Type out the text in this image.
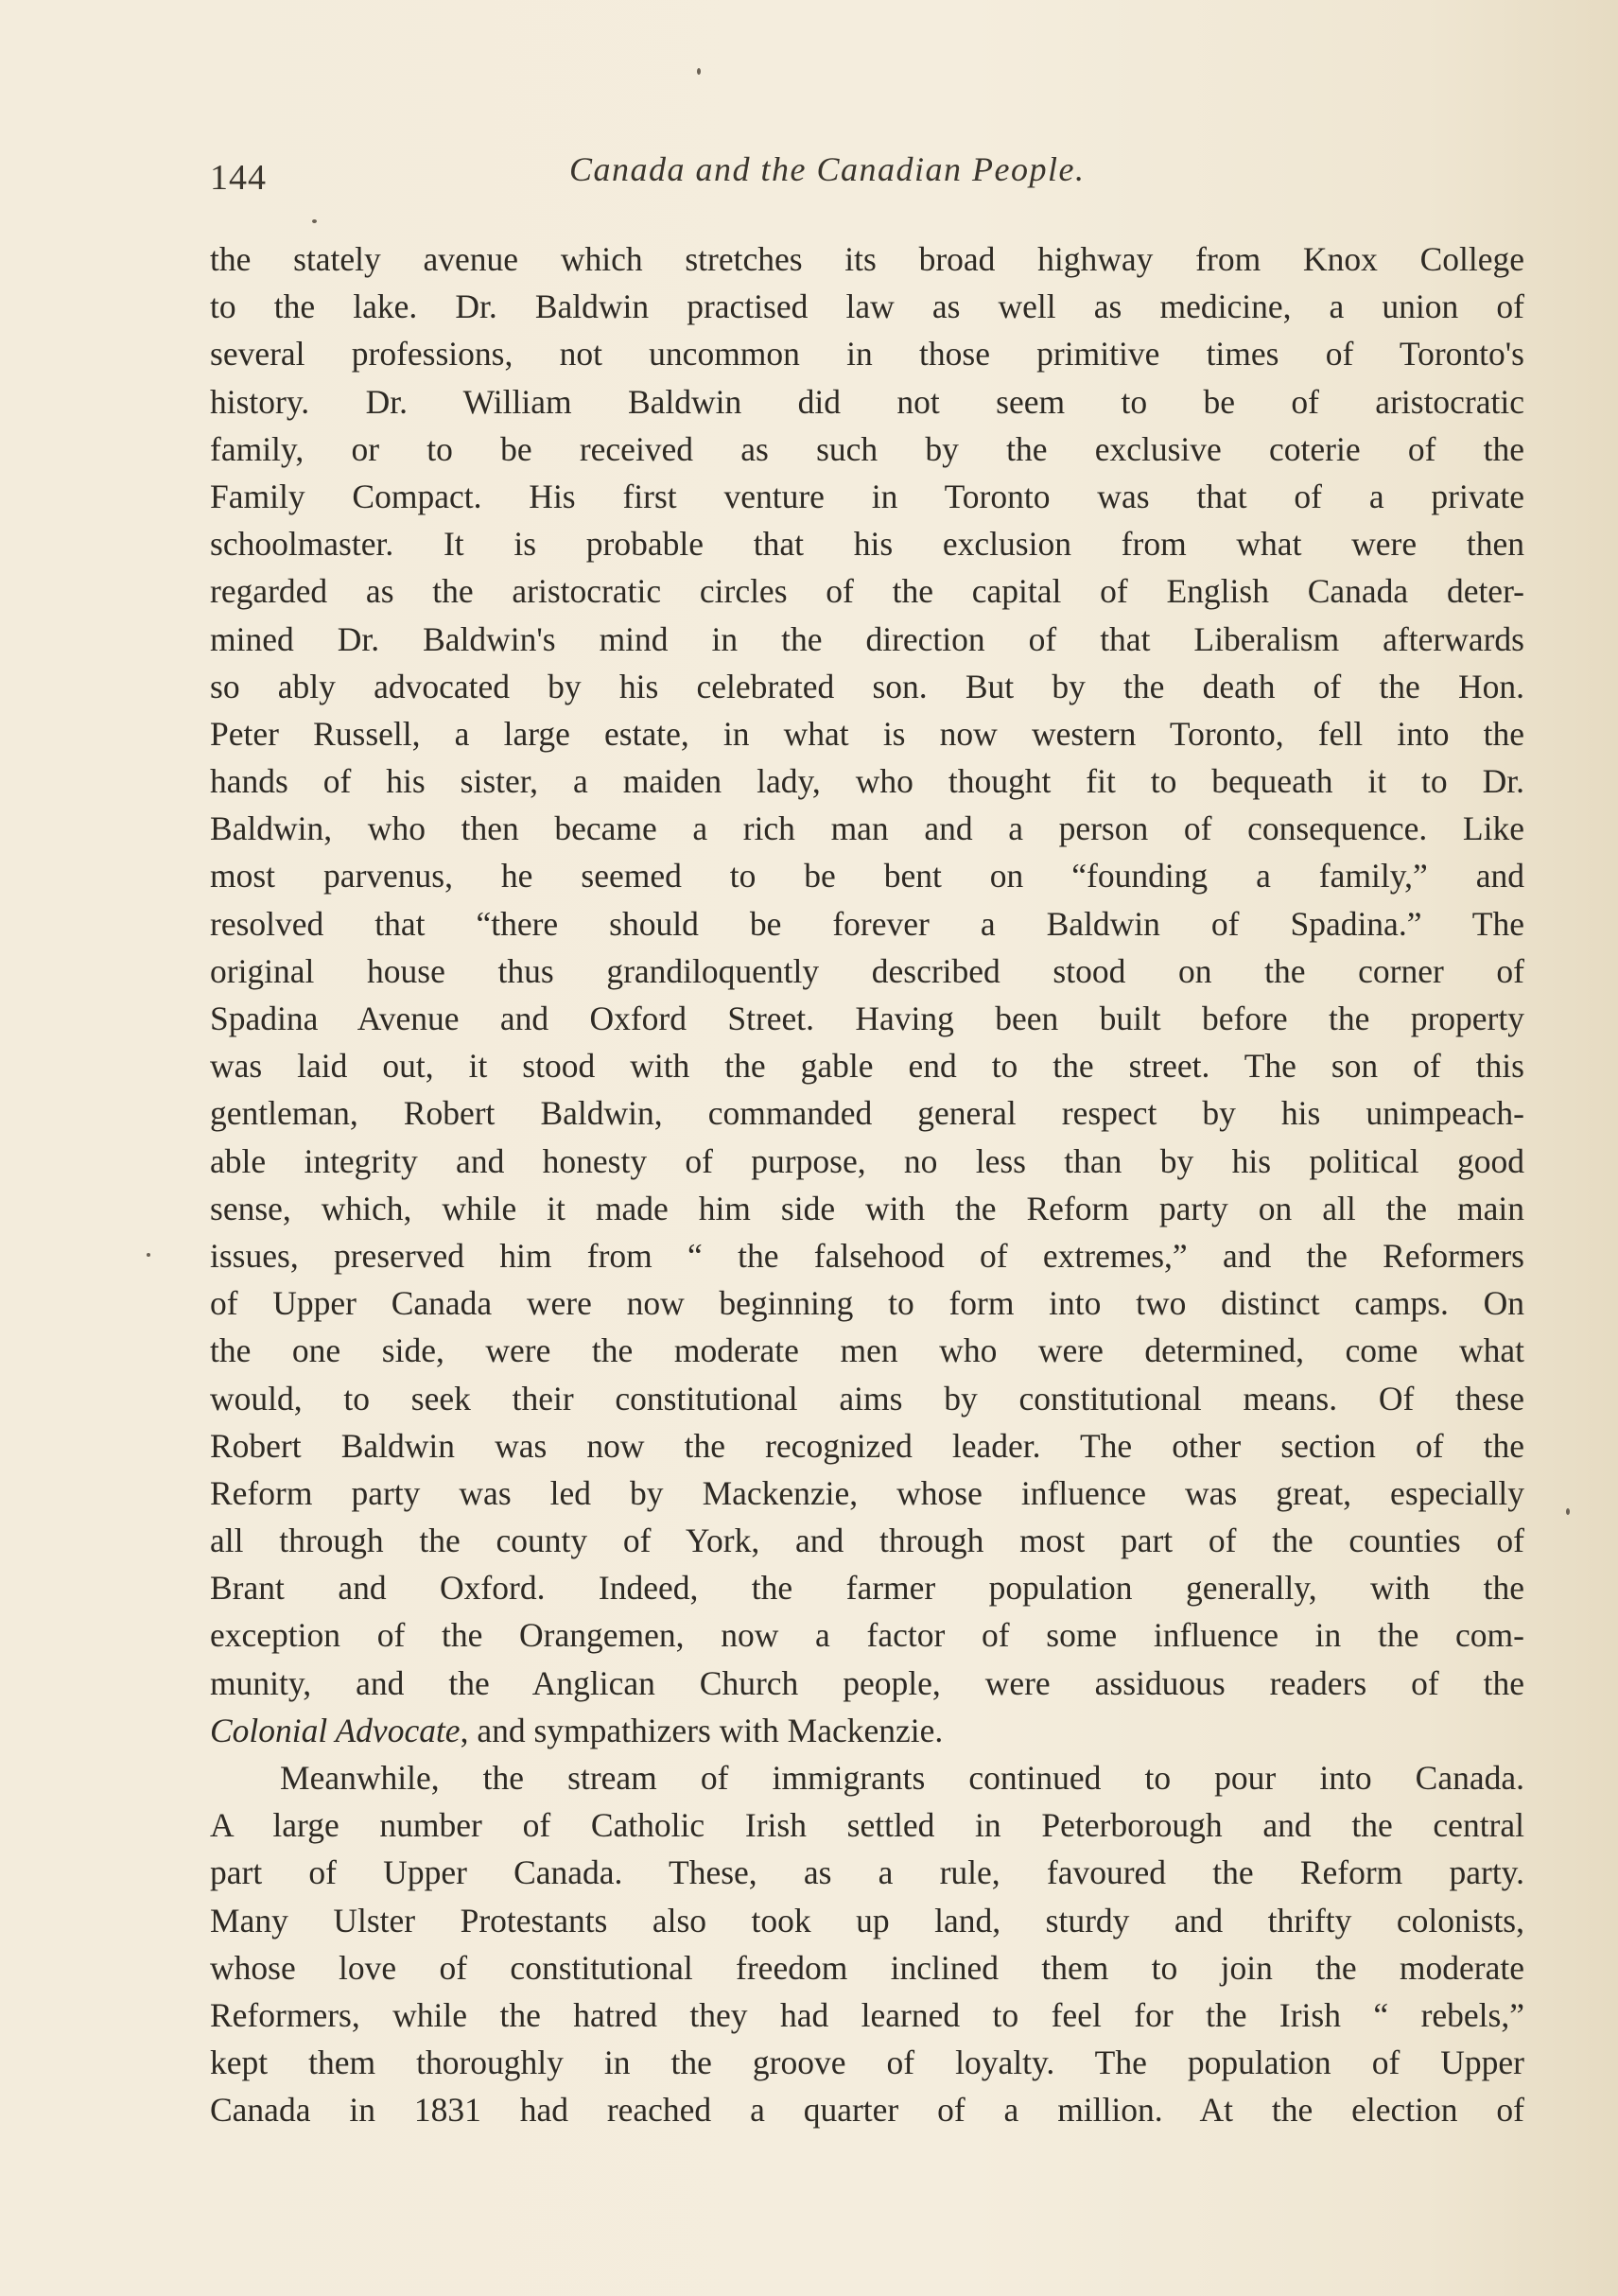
144	Canada and the Canadian People.
the stately avenue which stretches its broad highway from Knox College
to the lake. Dr. Baldwin practised law as well as medicine, a union of
several professions, not uncommon in those primitive times of Toronto's
history. Dr. William Baldwin did not seem to be of aristocratic
family, or to be received as such by the exclusive coterie of the
Family Compact. His first venture in Toronto was that of a private
schoolmaster. It is probable that his exclusion from what were then
regarded as the aristocratic circles of the capital of English Canada deter-
mined Dr. Baldwin's mind in the direction of that Liberalism afterwards
so ably advocated by his celebrated son. But by the death of the Hon.
Peter Russell, a large estate, in what is now western Toronto, fell into the
hands of his sister, a maiden lady, who thought fit to bequeath it to Dr.
Baldwin, who then became a rich man and a person of consequence. Like
most parvenus, he seemed to be bent on “founding a family,” and
resolved that “there should be forever a Baldwin of Spadina.” The
original house thus grandiloquently described stood on the corner of
Spadina Avenue and Oxford Street. Having been built before the property
was laid out, it stood with the gable end to the street. The son of this
gentleman, Robert Baldwin, commanded general respect by his unimpeach-
able integrity and honesty of purpose, no less than by his political good
sense, which, while it made him side with the Reform party on all the main
issues, preserved him from “ the falsehood of extremes,” and the Reformers
of Upper Canada were now beginning to form into two distinct camps. On
the one side, were the moderate men who were determined, come what
would, to seek their constitutional aims by constitutional means. Of these
Robert Baldwin was now the recognized leader. The other section of the
Reform party was led by Mackenzie, whose influence was great, especially
all through the county of York, and through most part of the counties of
Brant and Oxford. Indeed, the farmer population generally, with the
exception of the Orangemen, now a factor of some influence in the com-
munity, and the Anglican Church people, were assiduous readers of the
Colonial Advocate, and sympathizers with Mackenzie.
Meanwhile, the stream of immigrants continued to pour into Canada.
A large number of Catholic Irish settled in Peterborough and the central
part of Upper Canada. These, as a rule, favoured the Reform party.
Many Ulster Protestants also took up land, sturdy and thrifty colonists,
whose love of constitutional freedom inclined them to join the moderate
Reformers, while the hatred they had learned to feel for the Irish “ rebels,”
kept them thoroughly in the groove of loyalty. The population of Upper
Canada in 1831 had reached a quarter of a million. At the election of
